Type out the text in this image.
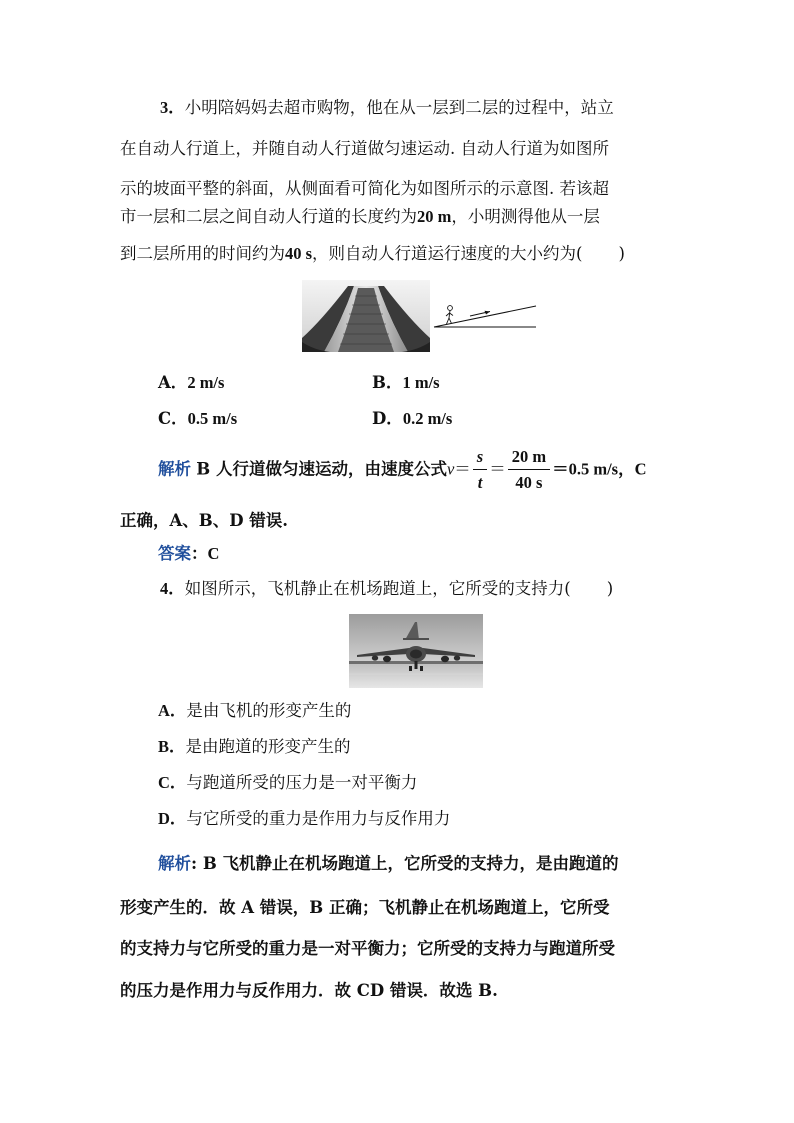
3．小明陪妈妈去超市购物，他在从一层到二层的过程中，站立
在自动人行道上，并随自动人行道做匀速运动. 自动人行道为如图所
示的坡面平整的斜面，从侧面看可简化为如图所示的示意图. 若该超
市一层和二层之间自动人行道的长度约为20 m，小明测得他从一层
到二层所用的时间约为40 s，则自动人行道运行速度的大小约为( )
A．2 m/s	B．1 m/s
C．0.5 m/s	D．0.2 m/s
解析 B 人行道做匀速运动，由速度公式$v= \frac{s}{t} = \frac{20 m}{40 s} =0.5$ m/s，C
正确，A、B、D 错误.
答案：C
4．如图所示，飞机静止在机场跑道上，它所受的支持力( )
A．是由飞机的形变产生的
B．是由跑道的形变产生的
C．与跑道所受的压力是一对平衡力
D．与它所受的重力是作用力与反作用力
解析: B 飞机静止在机场跑道上，它所受的支持力，是由跑道的
形变产生的．故 A 错误，B 正确；飞机静止在机场跑道上，它所受
的支持力与它所受的重力是一对平衡力；它所受的支持力与跑道所受
的压力是作用力与反作用力．故 CD 错误．故选 B.
